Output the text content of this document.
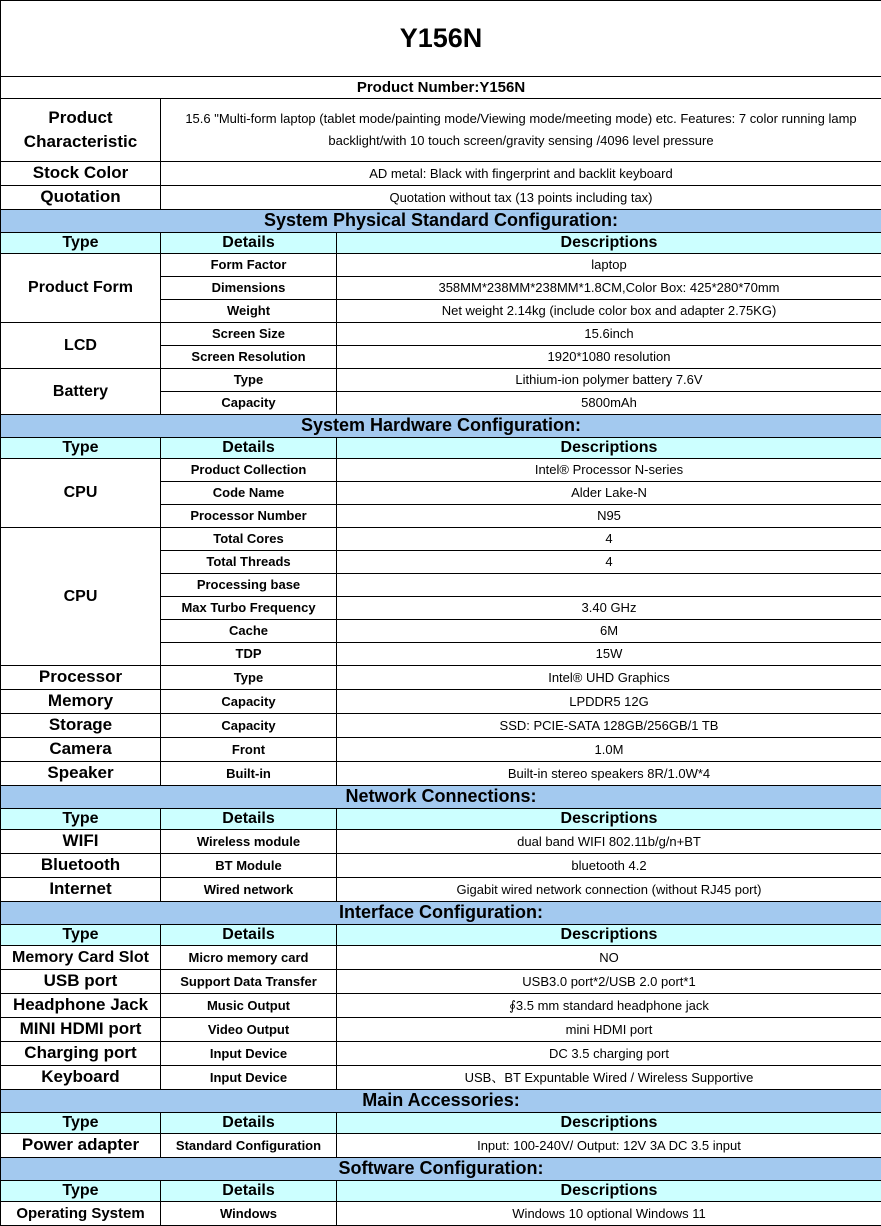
Y156N		
Product Number:Y156N		
Product Characteristic	15.6 "Multi-form laptop (tablet mode/painting mode/Viewing mode/meeting mode) etc. Features: 7 color running lamp backlight/with 10 touch screen/gravity sensing /4096 level pressure	
Stock Color	AD metal: Black with fingerprint and backlit keyboard	
Quotation	Quotation without tax (13 points including tax)	
System Physical Standard Configuration:		
Type	Details	Descriptions
Product Form	Form Factor	laptop
	Dimensions	358MM*238MM*238MM*1.8CM,Color Box: 425*280*70mm
	Weight	Net weight 2.14kg (include color box and adapter 2.75KG)
LCD	Screen Size	15.6inch
	Screen Resolution	1920*1080 resolution
Battery	Type	Lithium-ion polymer battery 7.6V
	Capacity	5800mAh
System Hardware Configuration:		
Type	Details	Descriptions
CPU	Product Collection	Intel® Processor N-series
	Code Name	Alder Lake-N
	Processor Number	N95
CPU	Total Cores	4
	Total Threads	4
	Processing base	
	Max Turbo Frequency	3.40 GHz
	Cache	6M
	TDP	15W
Processor	Type	Intel® UHD Graphics
Memory	Capacity	LPDDR5 12G
Storage	Capacity	SSD: PCIE-SATA 128GB/256GB/1 TB
Camera	Front	1.0M
Speaker	Built-in	Built-in stereo speakers 8R/1.0W*4
Network Connections:		
Type	Details	Descriptions
WIFI	Wireless module	dual band WIFI 802.11b/g/n+BT
Bluetooth	BT Module	bluetooth 4.2
Internet	Wired network	Gigabit wired network connection (without RJ45 port)
Interface Configuration:		
Type	Details	Descriptions
Memory Card Slot	Micro memory card	NO
USB port	Support Data Transfer	USB3.0 port*2/USB 2.0 port*1
Headphone Jack	Music Output	∮3.5 mm standard headphone jack
MINI HDMI port	Video Output	mini HDMI port
Charging port	Input Device	DC 3.5 charging port
Keyboard	Input Device	USB、BT Expuntable Wired / Wireless Supportive
Main Accessories:		
Type	Details	Descriptions
Power adapter	Standard Configuration	Input: 100-240V/ Output: 12V 3A DC 3.5 input
Software Configuration:		
Type	Details	Descriptions
Operating System	Windows	Windows 10 optional Windows 11
